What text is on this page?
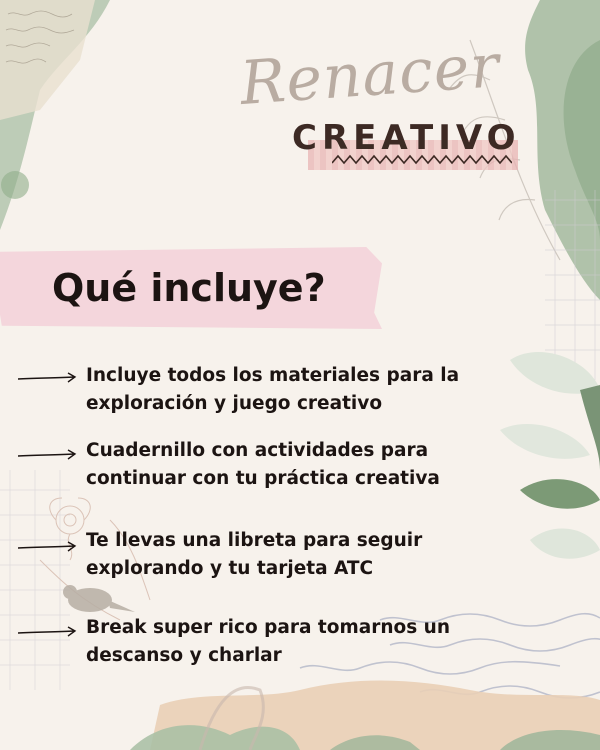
Renacer
CREATIVO
Qué incluye?
Incluye todos los materiales para la exploración y juego creativo
Cuadernillo con actividades para continuar con tu práctica creativa
Te llevas una libreta para seguir explorando y tu tarjeta ATC
Break super rico para tomarnos un descanso y charlar
